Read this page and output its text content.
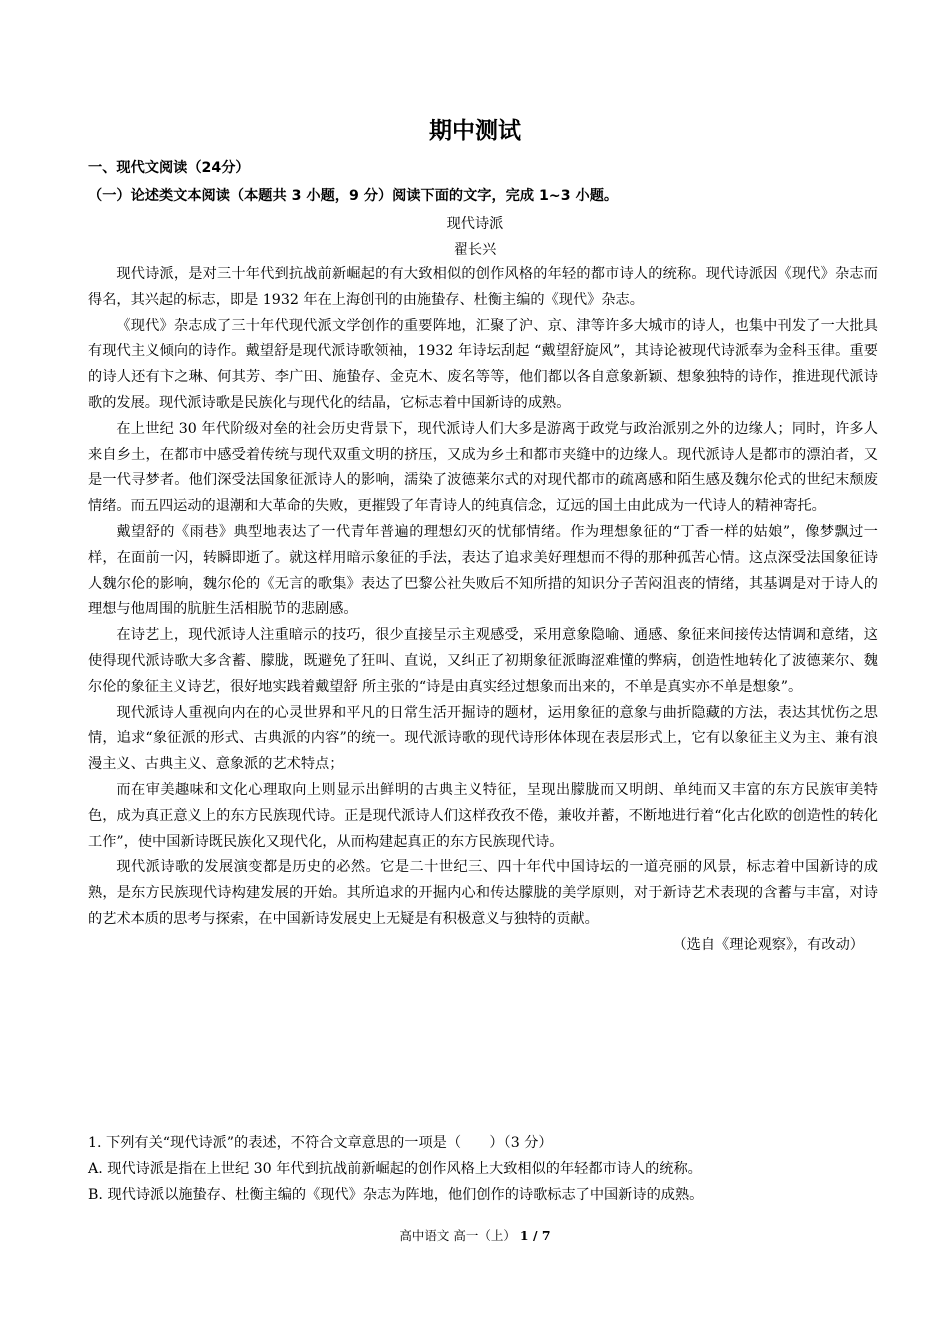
期中测试

一、现代文阅读（24分）

（一）论述类文本阅读（本题共 3 小题，9 分）阅读下面的文字，完成 1~3 小题。

现代诗派

翟长兴

现代诗派，是对三十年代到抗战前新崛起的有大致相似的创作风格的年轻的都市诗人的统称。现代诗派因《现代》杂志而得名，其兴起的标志，即是 1932 年在上海创刊的由施蛰存、杜衡主编的《现代》杂志。

《现代》杂志成了三十年代现代派文学创作的重要阵地，汇聚了沪、京、津等许多大城市的诗人，也集中刊发了一大批具有现代主义倾向的诗作。戴望舒是现代派诗歌领袖，1932 年诗坛刮起 “戴望舒旋风”，其诗论被现代诗派奉为金科玉律。重要的诗人还有卞之琳、何其芳、李广田、施蛰存、金克木、废名等等，他们都以各自意象新颖、想象独特的诗作，推进现代派诗歌的发展。现代派诗歌是民族化与现代化的结晶，它标志着中国新诗的成熟。

在上世纪 30 年代阶级对垒的社会历史背景下，现代派诗人们大多是游离于政党与政治派别之外的边缘人；同时，许多人来自乡土，在都市中感受着传统与现代双重文明的挤压，又成为乡土和都市夹缝中的边缘人。现代派诗人是都市的漂泊者，又是一代寻梦者。他们深受法国象征派诗人的影响，濡染了波德莱尔式的对现代都市的疏离感和陌生感及魏尔伦式的世纪末颓废情绪。而五四运动的退潮和大革命的失败，更摧毁了年青诗人的纯真信念，辽远的国土由此成为一代诗人的精神寄托。

戴望舒的《雨巷》典型地表达了一代青年普遍的理想幻灭的忧郁情绪。作为理想象征的“丁香一样的姑娘”，像梦飘过一样，在面前一闪，转瞬即逝了。就这样用暗示象征的手法，表达了追求美好理想而不得的那种孤苦心情。这点深受法国象征诗人魏尔伦的影响，魏尔伦的《无言的歌集》表达了巴黎公社失败后不知所措的知识分子苦闷沮丧的情绪，其基调是对于诗人的理想与他周围的肮脏生活相脱节的悲剧感。

在诗艺上，现代派诗人注重暗示的技巧，很少直接呈示主观感受，采用意象隐喻、通感、象征来间接传达情调和意绪，这使得现代派诗歌大多含蓄、朦胧，既避免了狂叫、直说，又纠正了初期象征派晦涩难懂的弊病，创造性地转化了波德莱尔、魏尔伦的象征主义诗艺，很好地实践着戴望舒 所主张的“诗是由真实经过想象而出来的，不单是真实亦不单是想象”。

现代派诗人重视向内在的心灵世界和平凡的日常生活开掘诗的题材，运用象征的意象与曲折隐藏的方法，表达其忧伤之思情，追求“象征派的形式、古典派的内容”的统一。现代派诗歌的现代诗形体体现在表层形式上，它有以象征主义为主、兼有浪漫主义、古典主义、意象派的艺术特点；

而在审美趣味和文化心理取向上则显示出鲜明的古典主义特征，呈现出朦胧而又明朗、单纯而又丰富的东方民族审美特色，成为真正意义上的东方民族现代诗。正是现代派诗人们这样孜孜不倦，兼收并蓄，不断地进行着“化古化欧的创造性的转化工作”，使中国新诗既民族化又现代化，从而构建起真正的东方民族现代诗。

现代派诗歌的发展演变都是历史的必然。它是二十世纪三、四十年代中国诗坛的一道亮丽的风景，标志着中国新诗的成熟，是东方民族现代诗构建发展的开始。其所追求的开掘内心和传达朦胧的美学原则，对于新诗艺术表现的含蓄与丰富，对诗的艺术本质的思考与探索，在中国新诗发展史上无疑是有积极意义与独特的贡献。

（选自《理论观察》，有改动）

1. 下列有关“现代诗派”的表述，不符合文章意思的一项是（　　）（3 分）

A. 现代诗派是指在上世纪 30 年代到抗战前新崛起的创作风格上大致相似的年轻都市诗人的统称。

B. 现代诗派以施蛰存、杜衡主编的《现代》杂志为阵地，他们创作的诗歌标志了中国新诗的成熟。

高中语文 高一（上） 1 / 7
